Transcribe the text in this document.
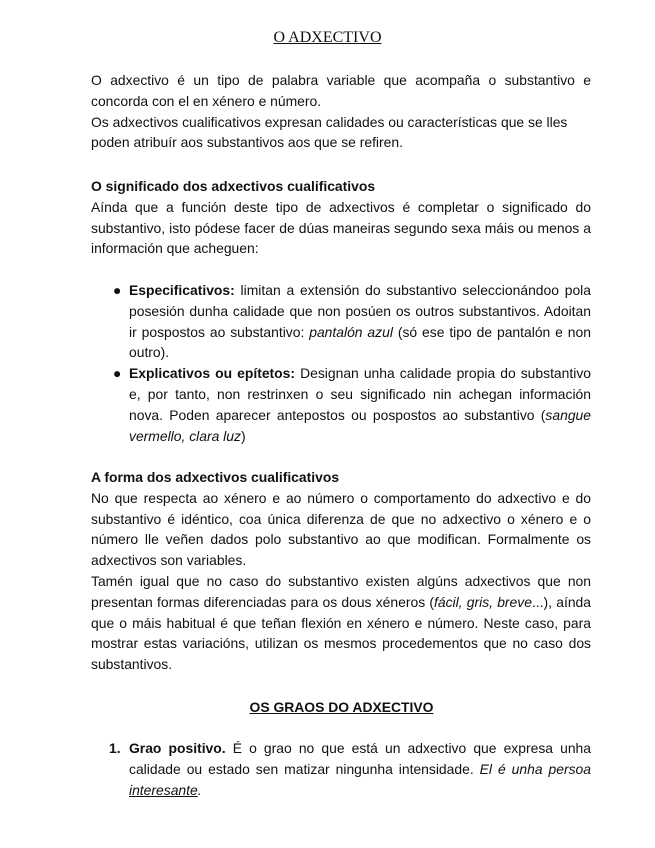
O ADXECTIVO

O adxectivo é un tipo de palabra variable que acompaña o substantivo e concorda con el en xénero e número.

Os adxectivos cualificativos expresan calidades ou características que se lles poden atribuír aos substantivos aos que se refiren.

O significado dos adxectivos cualificativos

Aínda que a función deste tipo de adxectivos é completar o significado do substantivo, isto pódese facer de dúas maneiras segundo sexa máis ou menos a información que acheguen:

● Especificativos: limitan a extensión do substantivo seleccionándoo pola posesión dunha calidade que non posúen os outros substantivos. Adoitan ir pospostos ao substantivo: pantalón azul (só ese tipo de pantalón e non outro).
● Explicativos ou epítetos: Designan unha calidade propia do substantivo e, por tanto, non restrinxen o seu significado nin achegan información nova. Poden aparecer antepostos ou pospostos ao substantivo (sangue vermello, clara luz)

A forma dos adxectivos cualificativos

No que respecta ao xénero e ao número o comportamento do adxectivo e do substantivo é idéntico, coa única diferenza de que no adxectivo o xénero e o número lle veñen dados polo substantivo ao que modifican. Formalmente os adxectivos son variables.

Tamén igual que no caso do substantivo existen algúns adxectivos que non presentan formas diferenciadas para os dous xéneros (fácil, gris, breve...), aínda que o máis habitual é que teñan flexión en xénero e número. Neste caso, para mostrar estas variacións, utilizan os mesmos procedementos que no caso dos substantivos.

OS GRAOS DO ADXECTIVO
1. Grao positivo. É o grao no que está un adxectivo que expresa unha calidade ou estado sen matizar ningunha intensidade. El é unha persoa interesante.
